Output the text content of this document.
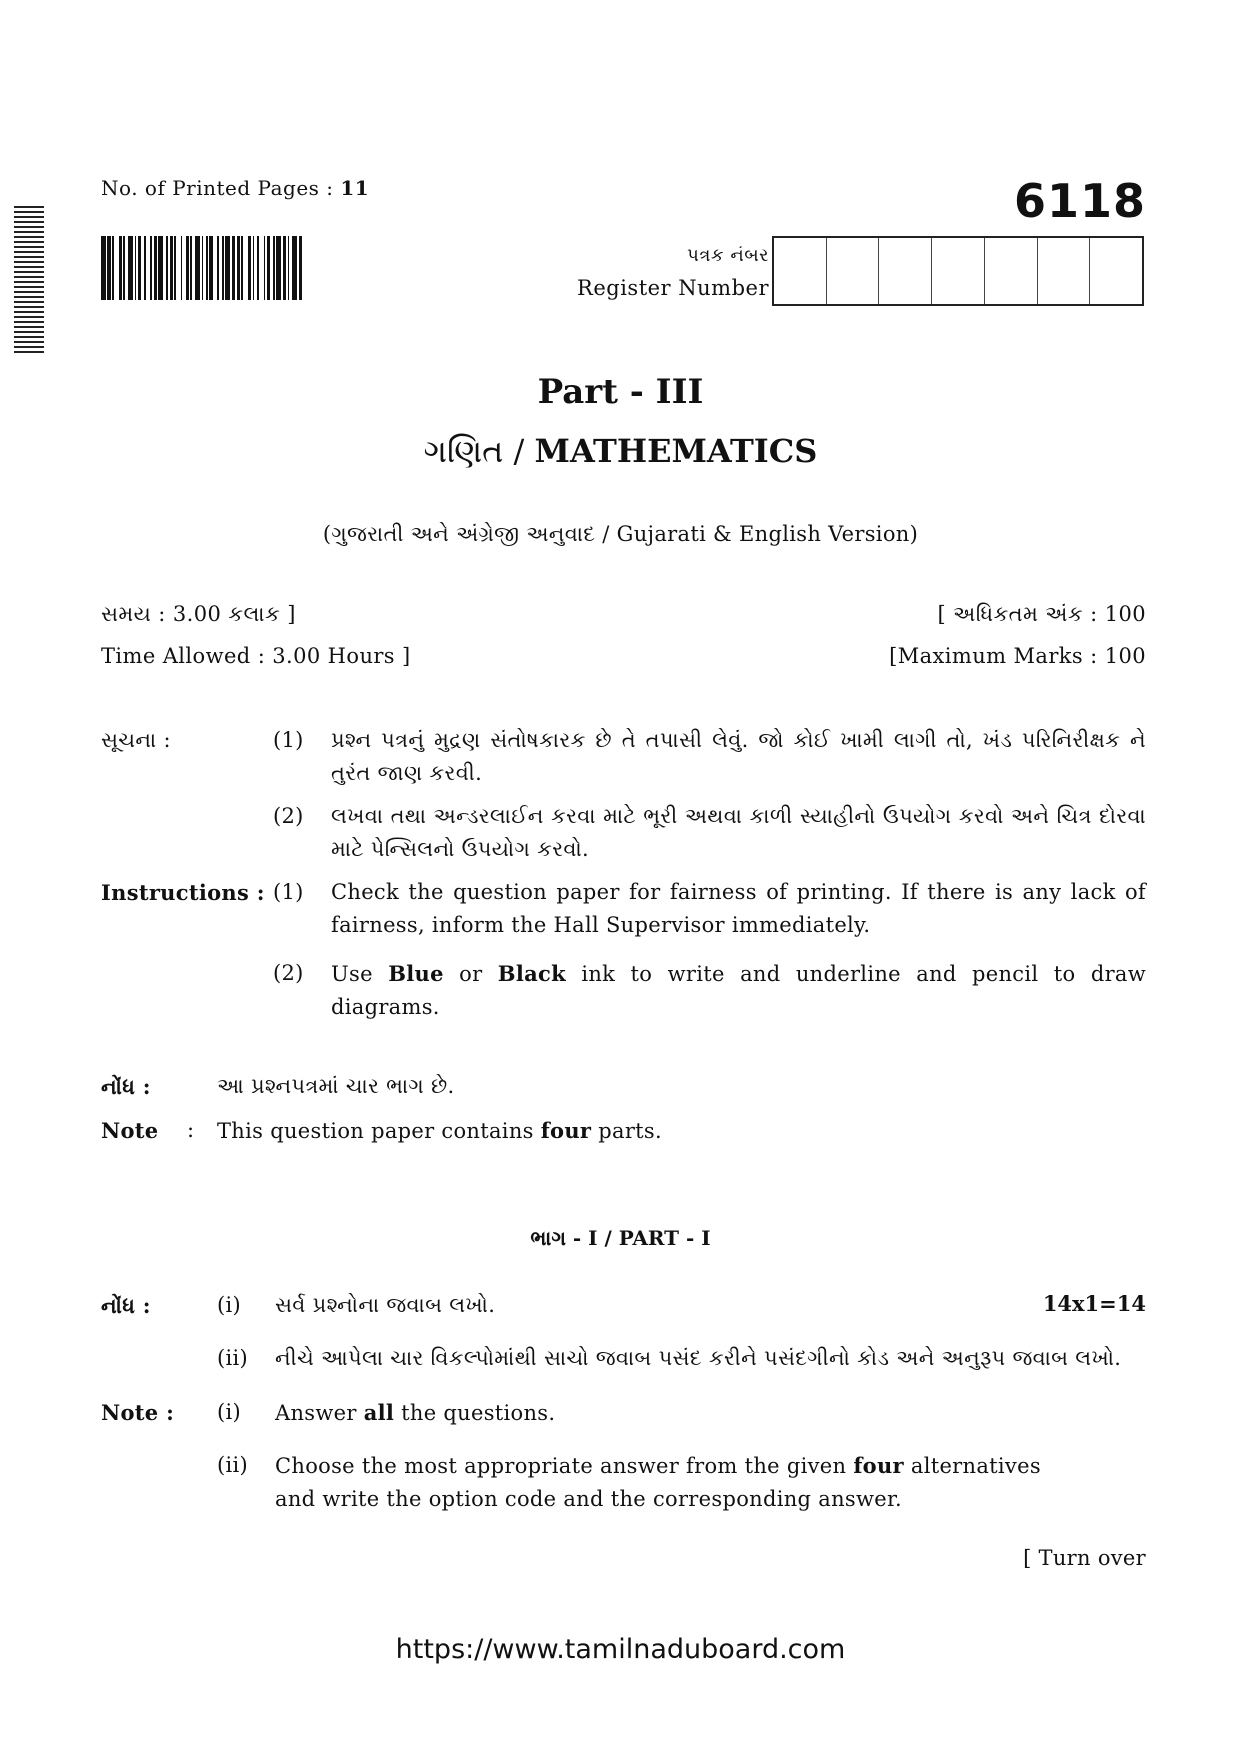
No. of Printed Pages : 11	6118
પત્રક નંબર
Register Number
Part - III
ગણિત / MATHEMATICS
(ગુજરાતી અને અંગ્રેજી અનુવાદ / Gujarati & English Version)
સમય : 3.00 કલાક ]
Time Allowed : 3.00 Hours ]
[ અધિકતમ અંક : 100
[Maximum Marks : 100
સૂચના :	(1) પ્રશ્ન પત્રનું મુદ્રણ સંતોષકારક છે તે તપાસી લેવું. જો કોઈ ખામી લાગી તો, ખંડ પરિનિરીક્ષક ને તુરંત જાણ કરવી.
(2) લખવા તથા અન્ડરલાઈન કરવા માટે ભૂરી અથવા કાળી સ્યાહીનો ઉપયોગ કરવો અને ચિત્ર દોરવા માટે પેન્સિલનો ઉપયોગ કરવો.
Instructions : (1) Check the question paper for fairness of printing. If there is any lack of fairness, inform the Hall Supervisor immediately.
(2) Use Blue or Black ink to write and underline and pencil to draw diagrams.
નોંધ :	આ પ્રશ્નપત્રમાં ચાર ભાગ છે.
Note : This question paper contains four parts.
ભાગ - I / PART - I
14x1=14
નોંધ :	(i) સર્વ પ્રશ્નોના જવાબ લખો.
(ii) નીચે આપેલા ચાર વિકલ્પોમાંથી સાચો જવાબ પસંદ કરીને પસંદગીનો કોડ અને અનુરૂપ જવાબ લખો.
Note : (i) Answer all the questions.
(ii) Choose the most appropriate answer from the given four alternatives and write the option code and the corresponding answer.
[ Turn over
https://www.tamilnaduboard.com
